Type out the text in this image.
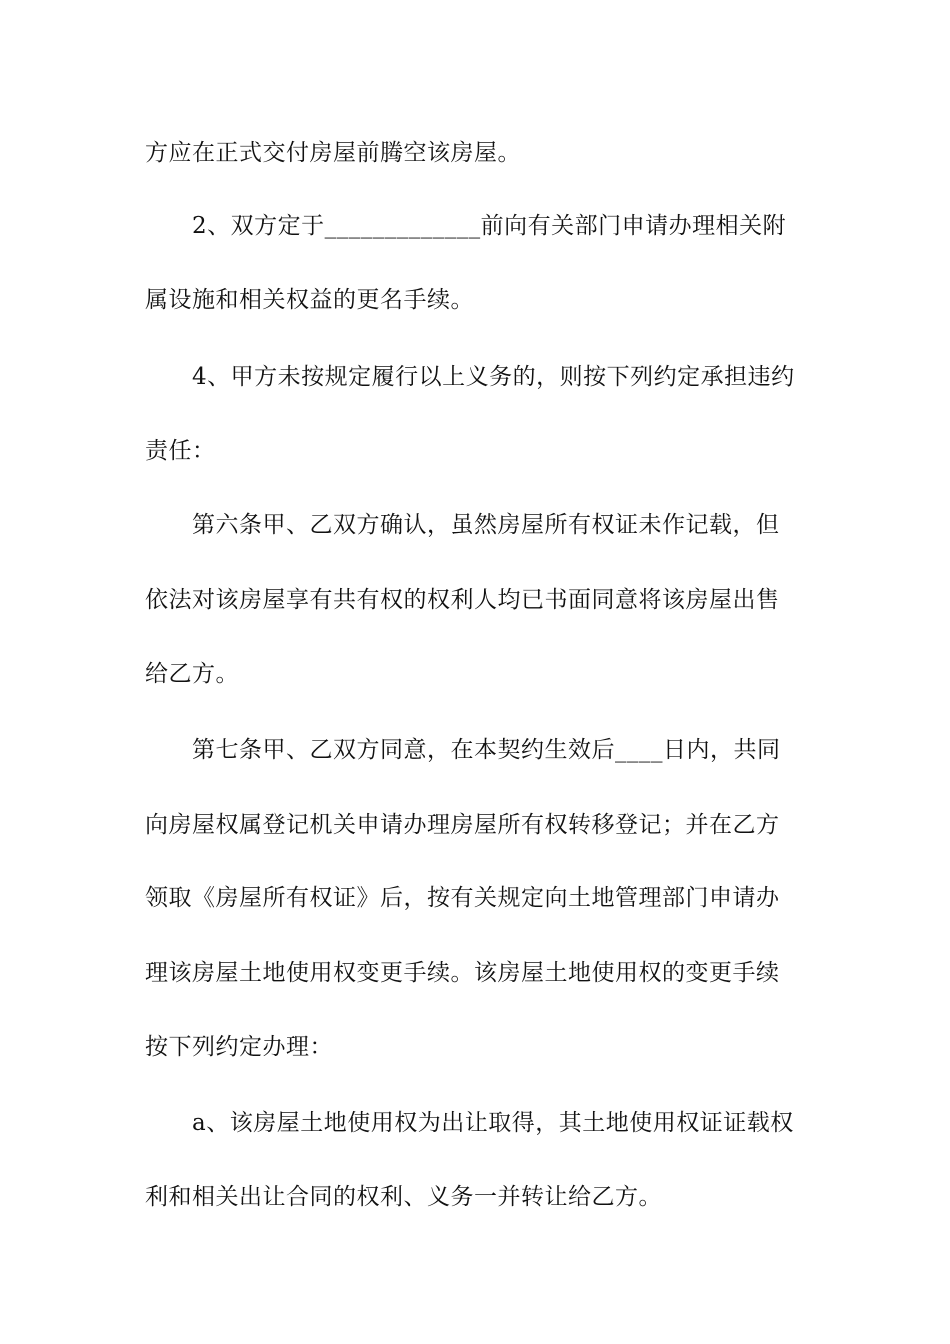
方应在正式交付房屋前腾空该房屋。
2、双方定于_____________前向有关部门申请办理相关附
属设施和相关权益的更名手续。
4、甲方未按规定履行以上义务的，则按下列约定承担违约
责任：
第六条甲、乙双方确认，虽然房屋所有权证未作记载，但
依法对该房屋享有共有权的权利人均已书面同意将该房屋出售
给乙方。
第七条甲、乙双方同意，在本契约生效后____日内，共同
向房屋权属登记机关申请办理房屋所有权转移登记；并在乙方
领取《房屋所有权证》后，按有关规定向土地管理部门申请办
理该房屋土地使用权变更手续。该房屋土地使用权的变更手续
按下列约定办理：
a、该房屋土地使用权为出让取得，其土地使用权证证载权
利和相关出让合同的权利、义务一并转让给乙方。
